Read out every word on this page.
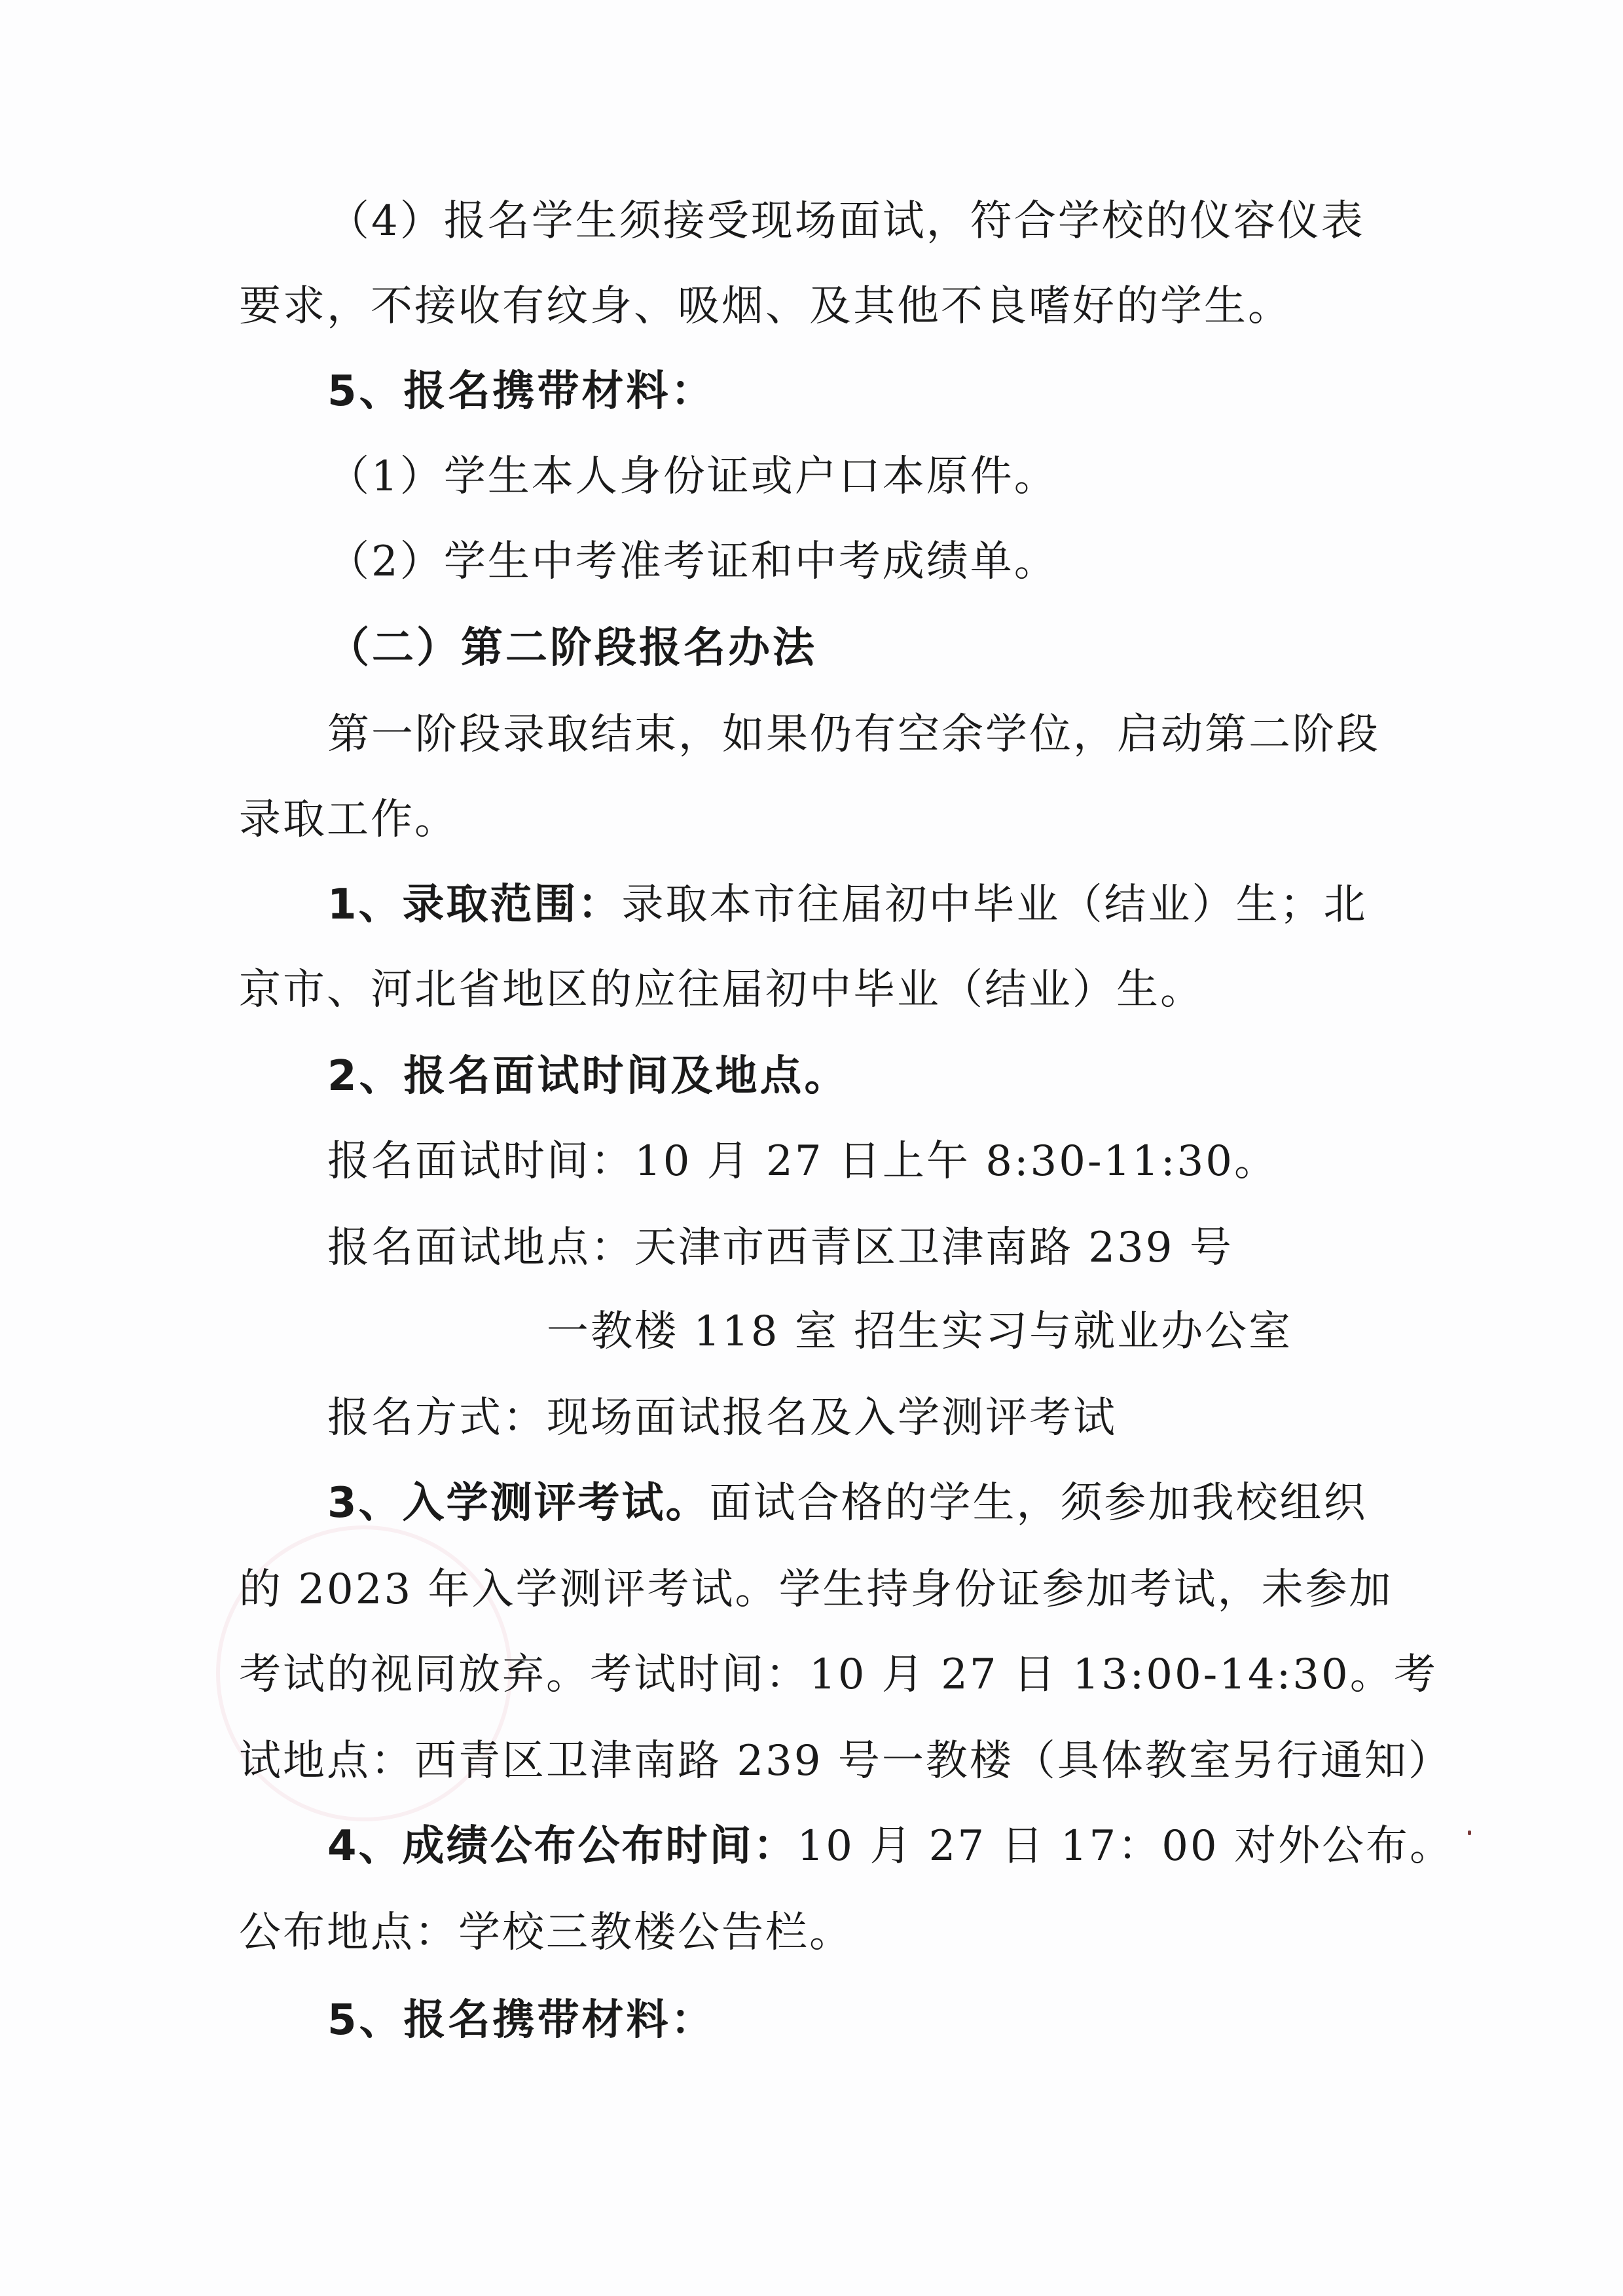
（4）报名学生须接受现场面试，符合学校的仪容仪表
要求，不接收有纹身、吸烟、及其他不良嗜好的学生。
5、报名携带材料：
（1）学生本人身份证或户口本原件。
（2）学生中考准考证和中考成绩单。
（二）第二阶段报名办法
第一阶段录取结束，如果仍有空余学位，启动第二阶段
录取工作。
1、录取范围：录取本市往届初中毕业（结业）生；北
京市、河北省地区的应往届初中毕业（结业）生。
2、报名面试时间及地点。
报名面试时间：10 月 27 日上午 8:30-11:30。
报名面试地点：天津市西青区卫津南路 239 号
一教楼 118 室 招生实习与就业办公室
报名方式：现场面试报名及入学测评考试
3、入学测评考试。面试合格的学生，须参加我校组织
的 2023 年入学测评考试。学生持身份证参加考试，未参加
考试的视同放弃。考试时间：10 月 27 日 13:00-14:30。考
试地点：西青区卫津南路 239 号一教楼（具体教室另行通知）
4、成绩公布公布时间：10 月 27 日 17：00 对外公布。
公布地点：学校三教楼公告栏。
5、报名携带材料：
